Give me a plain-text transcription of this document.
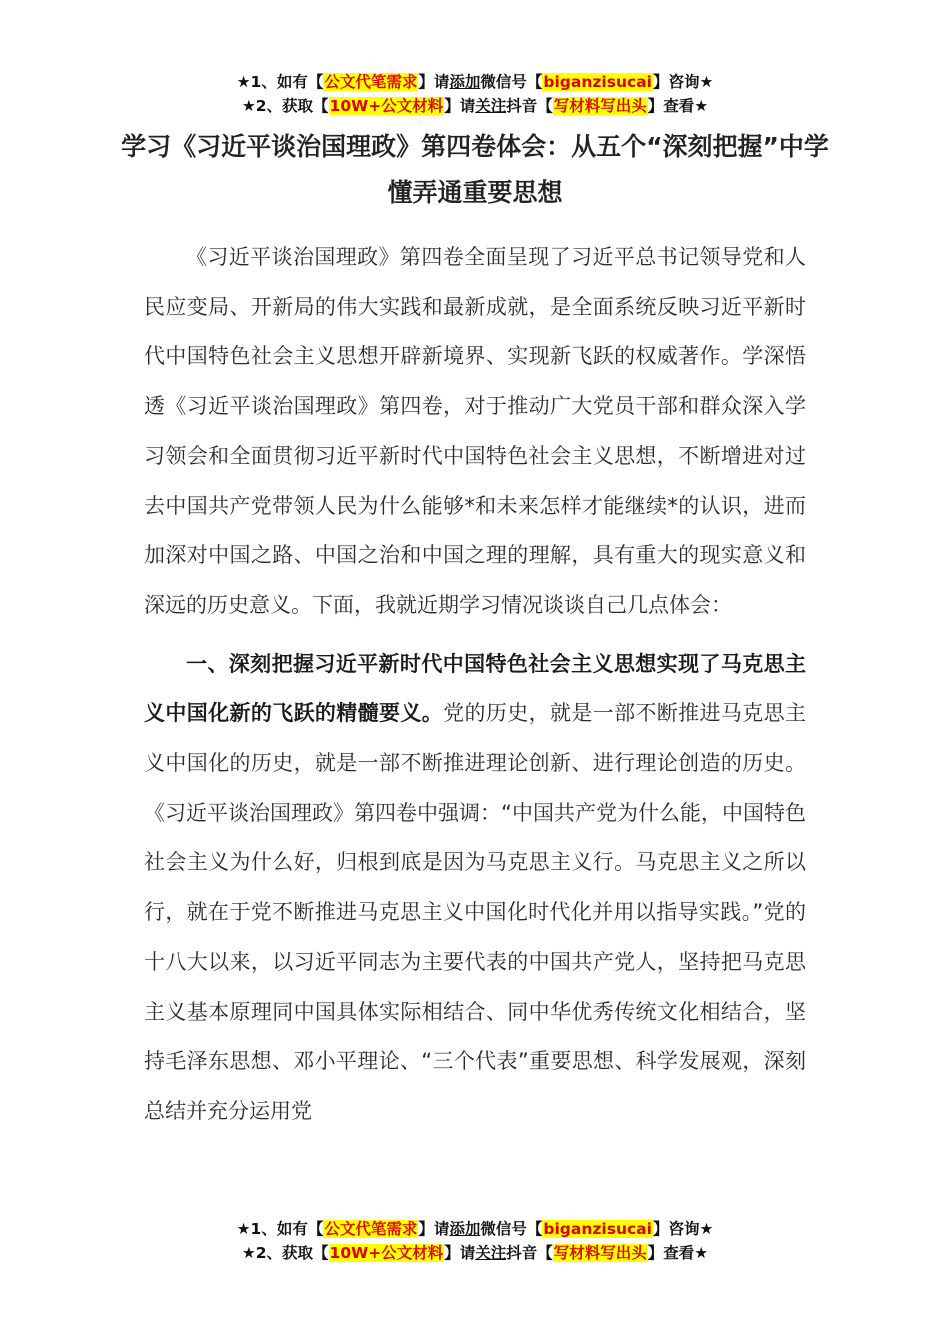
★1、如有【公文代笔需求】请添加微信号【biganzisucai】咨询★
★2、获取【10W+公文材料】请关注抖音【写材料写出头】查看★
学习《习近平谈治国理政》第四卷体会：从五个“深刻把握”中学懂弄通重要思想

《习近平谈治国理政》第四卷全面呈现了习近平总书记领导党和人民应变局、开新局的伟大实践和最新成就，是全面系统反映习近平新时代中国特色社会主义思想开辟新境界、实现新飞跃的权威著作。学深悟透《习近平谈治国理政》第四卷，对于推动广大党员干部和群众深入学习领会和全面贯彻习近平新时代中国特色社会主义思想，不断增进对过去中国共产党带领人民为什么能够*和未来怎样才能继续*的认识，进而加深对中国之路、中国之治和中国之理的理解，具有重大的现实意义和深远的历史意义。下面，我就近期学习情况谈谈自己几点体会：

一、深刻把握习近平新时代中国特色社会主义思想实现了马克思主义中国化新的飞跃的精髓要义。党的历史，就是一部不断推进马克思主义中国化的历史，就是一部不断推进理论创新、进行理论创造的历史。《习近平谈治国理政》第四卷中强调：“中国共产党为什么能，中国特色社会主义为什么好，归根到底是因为马克思主义行。马克思主义之所以行，就在于党不断推进马克思主义中国化时代化并用以指导实践。”党的十八大以来，以习近平同志为主要代表的中国共产党人，坚持把马克思主义基本原理同中国具体实际相结合、同中华优秀传统文化相结合，坚持毛泽东思想、邓小平理论、“三个代表”重要思想、科学发展观，深刻总结并充分运用党

★1、如有【公文代笔需求】请添加微信号【biganzisucai】咨询★
★2、获取【10W+公文材料】请关注抖音【写材料写出头】查看★
